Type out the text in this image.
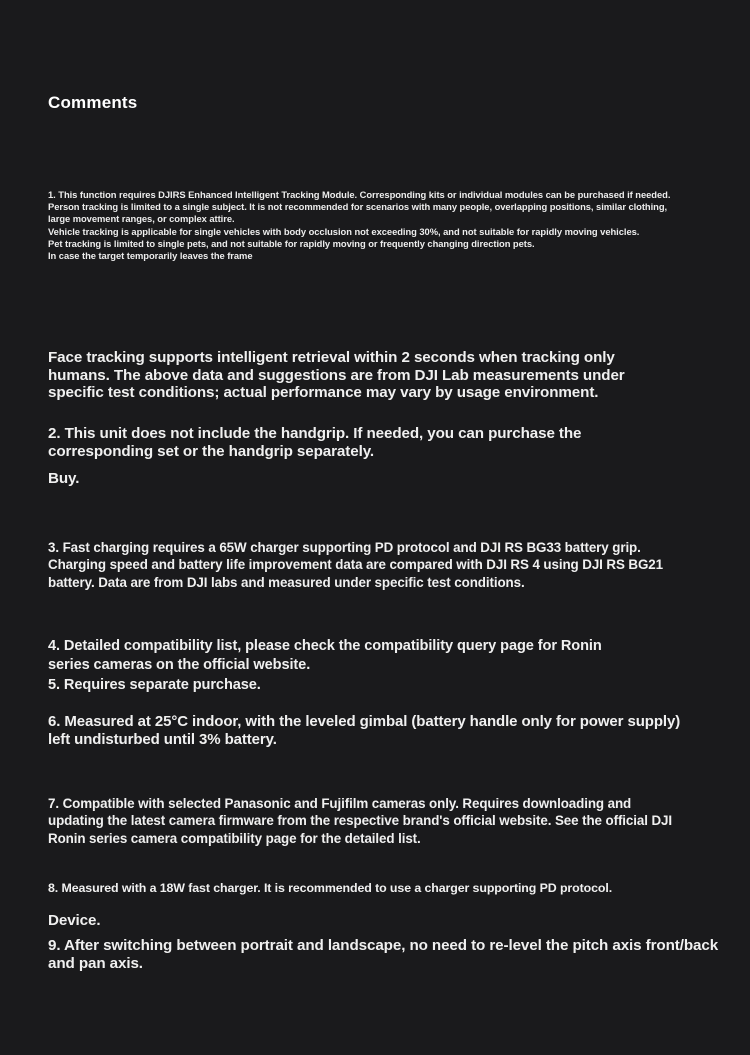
Comments
1. This function requires DJIRS Enhanced Intelligent Tracking Module. Corresponding kits or individual modules can be purchased if needed.
Person tracking is limited to a single subject. It is not recommended for scenarios with many people, overlapping positions, similar clothing,
large movement ranges, or complex attire.
Vehicle tracking is applicable for single vehicles with body occlusion not exceeding 30%, and not suitable for rapidly moving vehicles.
Pet tracking is limited to single pets, and not suitable for rapidly moving or frequently changing direction pets.
In case the target temporarily leaves the frame
Face tracking supports intelligent retrieval within 2 seconds when tracking only humans. The above data and suggestions are from DJI Lab measurements under specific test conditions; actual performance may vary by usage environment.
2. This unit does not include the handgrip. If needed, you can purchase the corresponding set or the handgrip separately.
Buy.
3. Fast charging requires a 65W charger supporting PD protocol and DJI RS BG33 battery grip. Charging speed and battery life improvement data are compared with DJI RS 4 using DJI RS BG21 battery. Data are from DJI labs and measured under specific test conditions.
4. Detailed compatibility list, please check the compatibility query page for Ronin series cameras on the official website.
5. Requires separate purchase.
6. Measured at 25°C indoor, with the leveled gimbal (battery handle only for power supply) left undisturbed until 3% battery.
7. Compatible with selected Panasonic and Fujifilm cameras only. Requires downloading and updating the latest camera firmware from the respective brand's official website. See the official DJI Ronin series camera compatibility page for the detailed list.
8. Measured with a 18W fast charger. It is recommended to use a charger supporting PD protocol.
Device.
9. After switching between portrait and landscape, no need to re-level the pitch axis front/back and pan axis.
